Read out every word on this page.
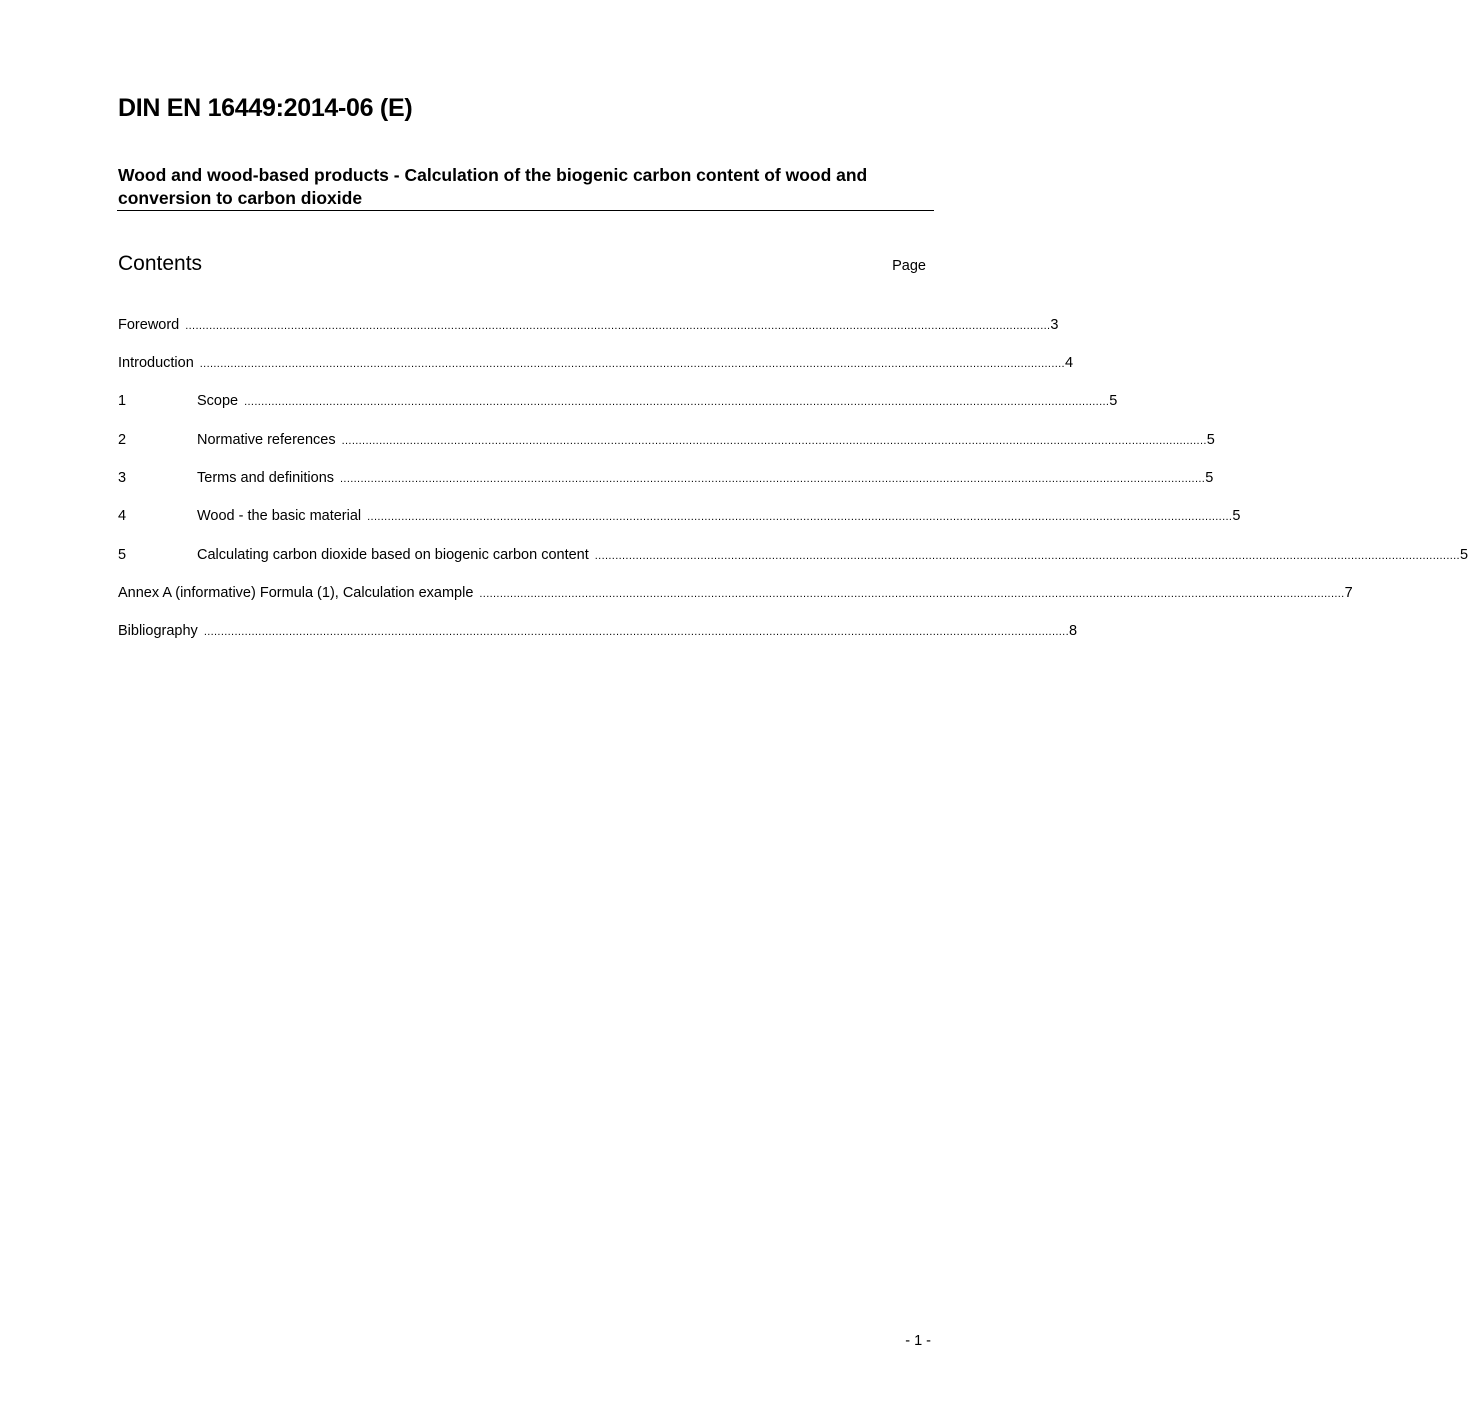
DIN EN 16449:2014-06 (E)
Wood and wood-based products - Calculation of the biogenic carbon content of wood and conversion to carbon dioxide
Contents	Page
Foreword .............................................................................................................................................................................................................................................................. 3
Introduction .............................................................................................................................................................................................................................................................. 4
1	Scope .............................................................................................................................................................................................................................................................. 5
2	Normative references .............................................................................................................................................................................................................................................................. 5
3	Terms and definitions .............................................................................................................................................................................................................................................................. 5
4	Wood - the basic material .............................................................................................................................................................................................................................................................. 5
5	Calculating carbon dioxide based on biogenic carbon content .............................................................................................................................................................................................................................................................. 5
Annex A (informative) Formula (1), Calculation example .............................................................................................................................................................................................................................................................. 7
Bibliography .............................................................................................................................................................................................................................................................. 8
- 1 -
